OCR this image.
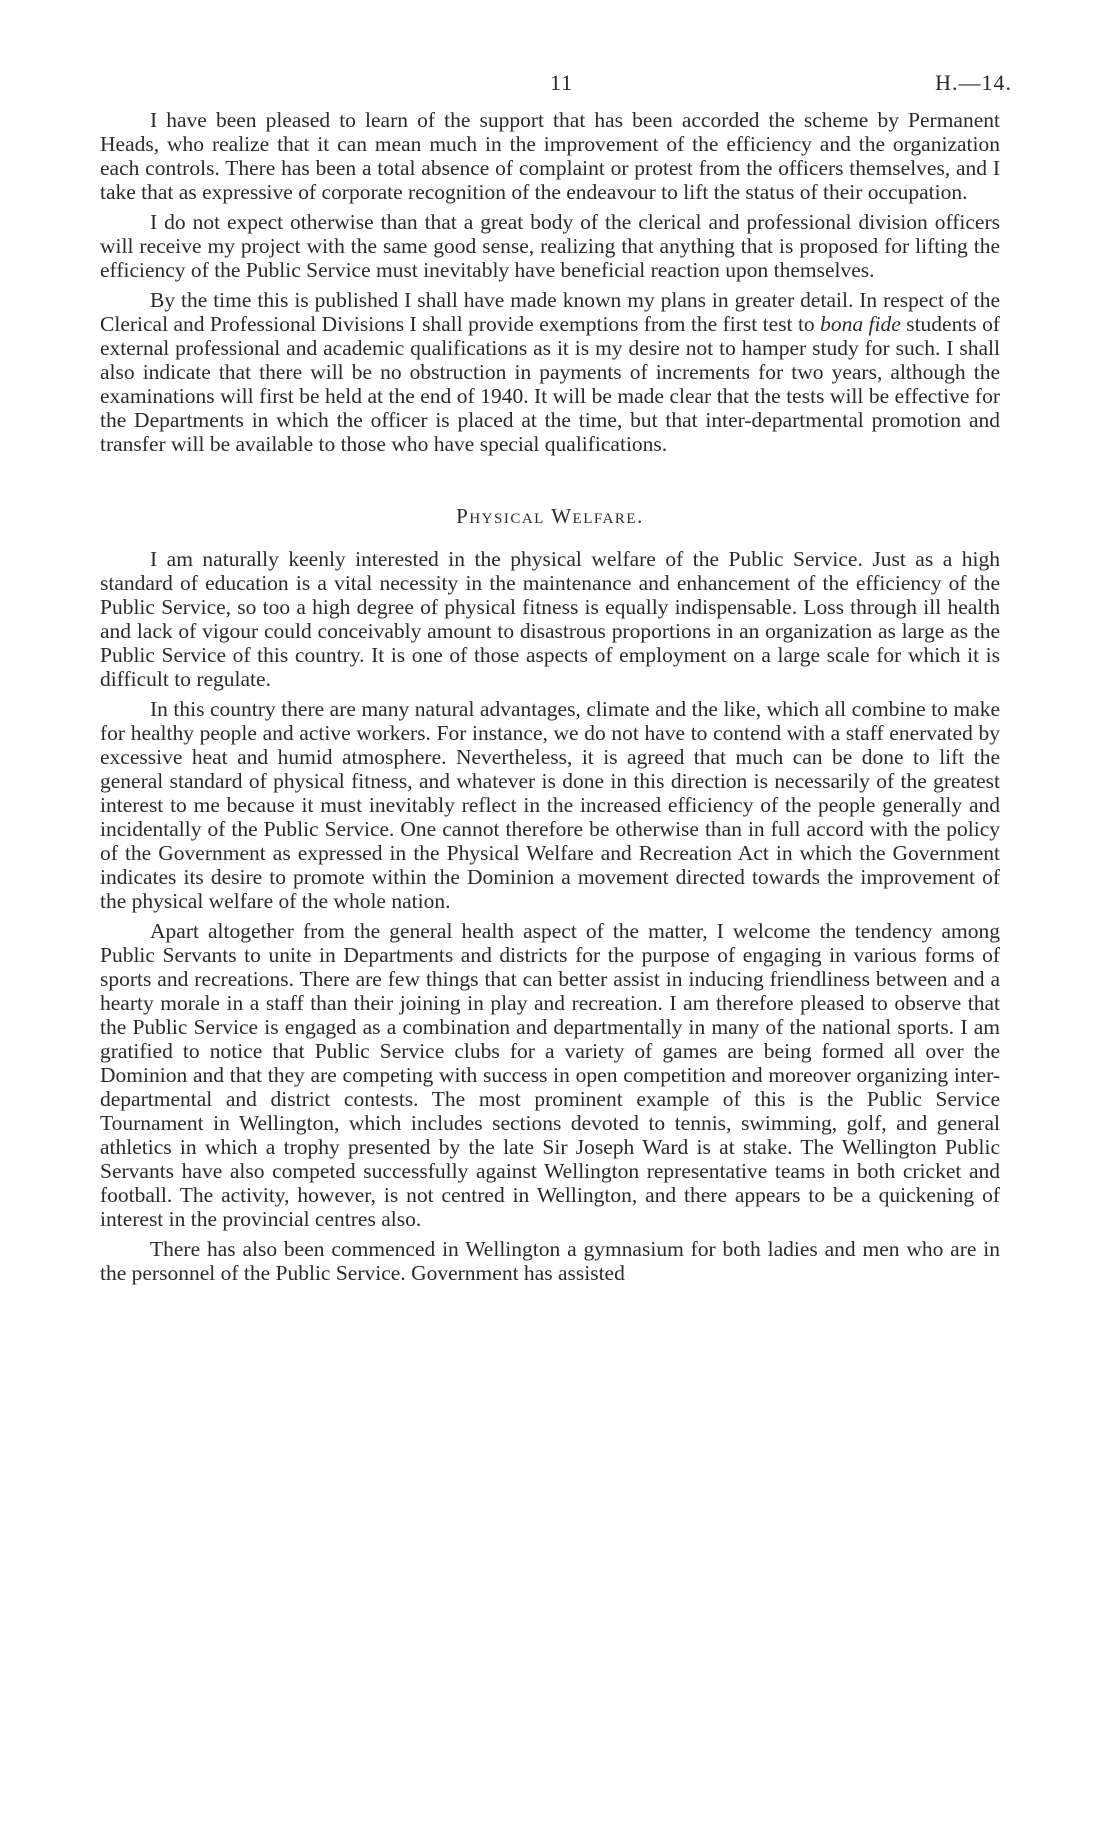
11	H.—14.

I have been pleased to learn of the support that has been accorded the scheme by Permanent Heads, who realize that it can mean much in the improvement of the efficiency and the organization each controls. There has been a total absence of complaint or protest from the officers themselves, and I take that as expressive of corporate recognition of the endeavour to lift the status of their occupation.

I do not expect otherwise than that a great body of the clerical and professional division officers will receive my project with the same good sense, realizing that anything that is proposed for lifting the efficiency of the Public Service must inevitably have beneficial reaction upon themselves.

By the time this is published I shall have made known my plans in greater detail. In respect of the Clerical and Professional Divisions I shall provide exemptions from the first test to bona fide students of external professional and academic qualifications as it is my desire not to hamper study for such. I shall also indicate that there will be no obstruction in payments of increments for two years, although the examinations will first be held at the end of 1940. It will be made clear that the tests will be effective for the Departments in which the officer is placed at the time, but that inter-departmental promotion and transfer will be available to those who have special qualifications.

Physical Welfare.

I am naturally keenly interested in the physical welfare of the Public Service. Just as a high standard of education is a vital necessity in the maintenance and enhancement of the efficiency of the Public Service, so too a high degree of physical fitness is equally indispensable. Loss through ill health and lack of vigour could conceivably amount to disastrous proportions in an organization as large as the Public Service of this country. It is one of those aspects of employment on a large scale for which it is difficult to regulate.

In this country there are many natural advantages, climate and the like, which all combine to make for healthy people and active workers. For instance, we do not have to contend with a staff enervated by excessive heat and humid atmosphere. Nevertheless, it is agreed that much can be done to lift the general standard of physical fitness, and whatever is done in this direction is necessarily of the greatest interest to me because it must inevitably reflect in the increased efficiency of the people generally and incidentally of the Public Service. One cannot therefore be otherwise than in full accord with the policy of the Government as expressed in the Physical Welfare and Recreation Act in which the Government indicates its desire to promote within the Dominion a movement directed towards the improvement of the physical welfare of the whole nation.

Apart altogether from the general health aspect of the matter, I welcome the tendency among Public Servants to unite in Departments and districts for the purpose of engaging in various forms of sports and recreations. There are few things that can better assist in inducing friendliness between and a hearty morale in a staff than their joining in play and recreation. I am therefore pleased to observe that the Public Service is engaged as a combination and departmentally in many of the national sports. I am gratified to notice that Public Service clubs for a variety of games are being formed all over the Dominion and that they are competing with success in open competition and moreover organizing inter-departmental and district contests. The most prominent example of this is the Public Service Tournament in Wellington, which includes sections devoted to tennis, swimming, golf, and general athletics in which a trophy presented by the late Sir Joseph Ward is at stake. The Wellington Public Servants have also competed successfully against Wellington representative teams in both cricket and football. The activity, however, is not centred in Wellington, and there appears to be a quickening of interest in the provincial centres also.

There has also been commenced in Wellington a gymnasium for both ladies and men who are in the personnel of the Public Service. Government has assisted
